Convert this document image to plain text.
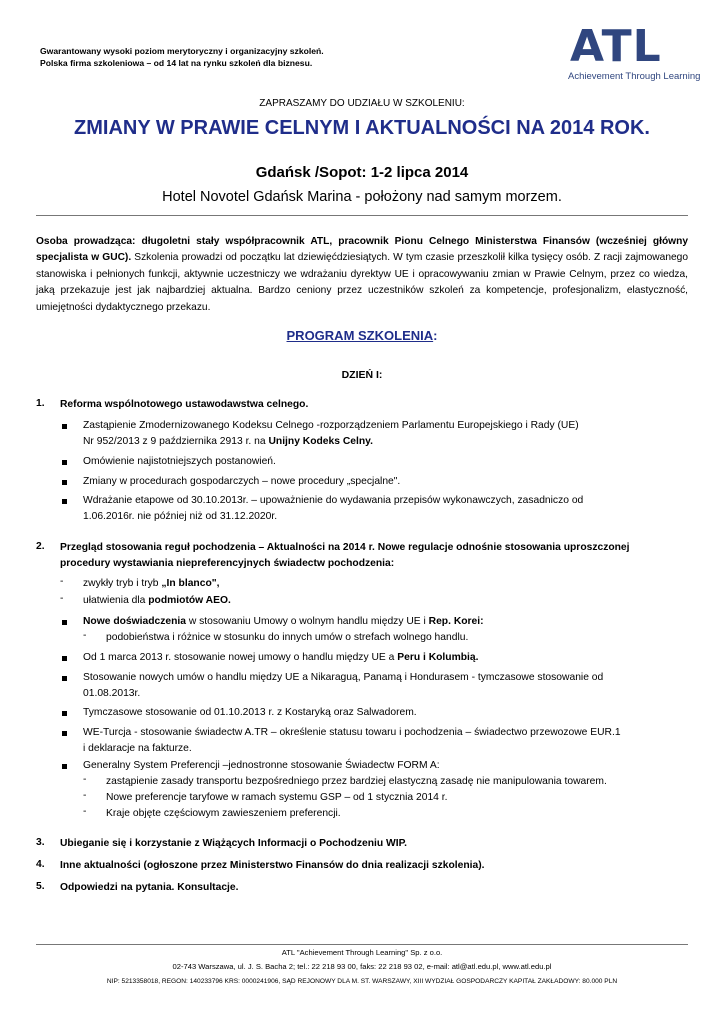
Gwarantowany wysoki poziom merytoryczny i organizacyjny szkoleń.
Polska firma szkoleniowa – od 14 lat na rynku szkoleń dla biznesu.	ATL
Achievement Through Learning
ZAPRASZAMY DO UDZIAŁU W SZKOLENIU:
ZMIANY W PRAWIE CELNYM I AKTUALNOŚCI NA 2014 ROK.
Gdańsk /Sopot: 1-2 lipca 2014
Hotel Novotel Gdańsk Marina - położony nad samym morzem.
Osoba prowadząca: długoletni stały współpracownik ATL, pracownik Pionu Celnego Ministerstwa Finansów (wcześniej główny specjalista w GUC). Szkolenia prowadzi od początku lat dziewięćdziesiątych. W tym czasie przeszkolił kilka tysięcy osób. Z racji zajmowanego stanowiska i pełnionych funkcji, aktywnie uczestniczy we wdrażaniu dyrektyw UE i opracowywaniu zmian w Prawie Celnym, przez co wiedza, jaką przekazuje jest jak najbardziej aktualna. Bardzo ceniony przez uczestników szkoleń za kompetencje, profesjonalizm, elastyczność, umiejętności dydaktycznego przekazu.
PROGRAM SZKOLENIA:
DZIEŃ I:
1. Reforma wspólnotowego ustawodawstwa celnego.
Zastąpienie Zmodernizowanego Kodeksu Celnego -rozporządzeniem Parlamentu Europejskiego i Rady (UE)
Nr 952/2013 z 9 października 2913 r. na Unijny Kodeks Celny.
Omówienie najistotniejszych postanowień.
Zmiany w procedurach gospodarczych – nowe procedury „specjalne".
Wdrażanie etapowe od 30.10.2013r. – upoważnienie do wydawania przepisów wykonawczych, zasadniczo od
1.06.2016r. nie później niż od 31.12.2020r.
2. Przegląd stosowania reguł pochodzenia – Aktualności na 2014 r. Nowe regulacje odnośnie stosowania uproszczonej
procedury wystawiania niepreferencyjnych świadectw pochodzenia:
- zwykły tryb i tryb „In blanco",
- ułatwienia dla podmiotów AEO.
Nowe doświadczenia w stosowaniu Umowy o wolnym handlu między UE i Rep. Korei:
- podobieństwa i różnice w stosunku do innych umów o strefach wolnego handlu.
Od 1 marca 2013 r. stosowanie nowej umowy o handlu między UE a Peru i Kolumbią.
Stosowanie nowych umów o handlu między UE a Nikaraguą, Panamą i Hondurasem - tymczasowe stosowanie od
01.08.2013r.
Tymczasowe stosowanie od 01.10.2013 r. z Kostaryką oraz Salwadorem.
WE-Turcja - stosowanie świadectw A.TR – określenie statusu towaru i pochodzenia – świadectwo przewozowe EUR.1
i deklaracje na fakturze.
Generalny System Preferencji –jednostronne stosowanie Świadectw FORM A:
- zastąpienie zasady transportu bezpośredniego przez bardziej elastyczną zasadę nie manipulowania towarem.
- Nowe preferencje taryfowe w ramach systemu GSP – od 1 stycznia 2014 r.
- Kraje objęte częściowym zawieszeniem preferencji.
3. Ubieganie się i korzystanie z Wiążących Informacji o Pochodzeniu WIP.
4. Inne aktualności (ogłoszone przez Ministerstwo Finansów do dnia realizacji szkolenia).
5. Odpowiedzi na pytania. Konsultacje.
ATL "Achievement Through Learning" Sp. z o.o.
02-743 Warszawa, ul. J. S. Bacha 2; tel.: 22 218 93 00, faks: 22 218 93 02, e-mail: atl@atl.edu.pl, www.atl.edu.pl
NIP: 5213358018, REGON: 140233796 KRS: 0000241906, SĄD REJONOWY DLA M. ST. WARSZAWY, XIII WYDZIAŁ GOSPODARCZY KAPITAŁ ZAKŁADOWY: 80.000 PLN
